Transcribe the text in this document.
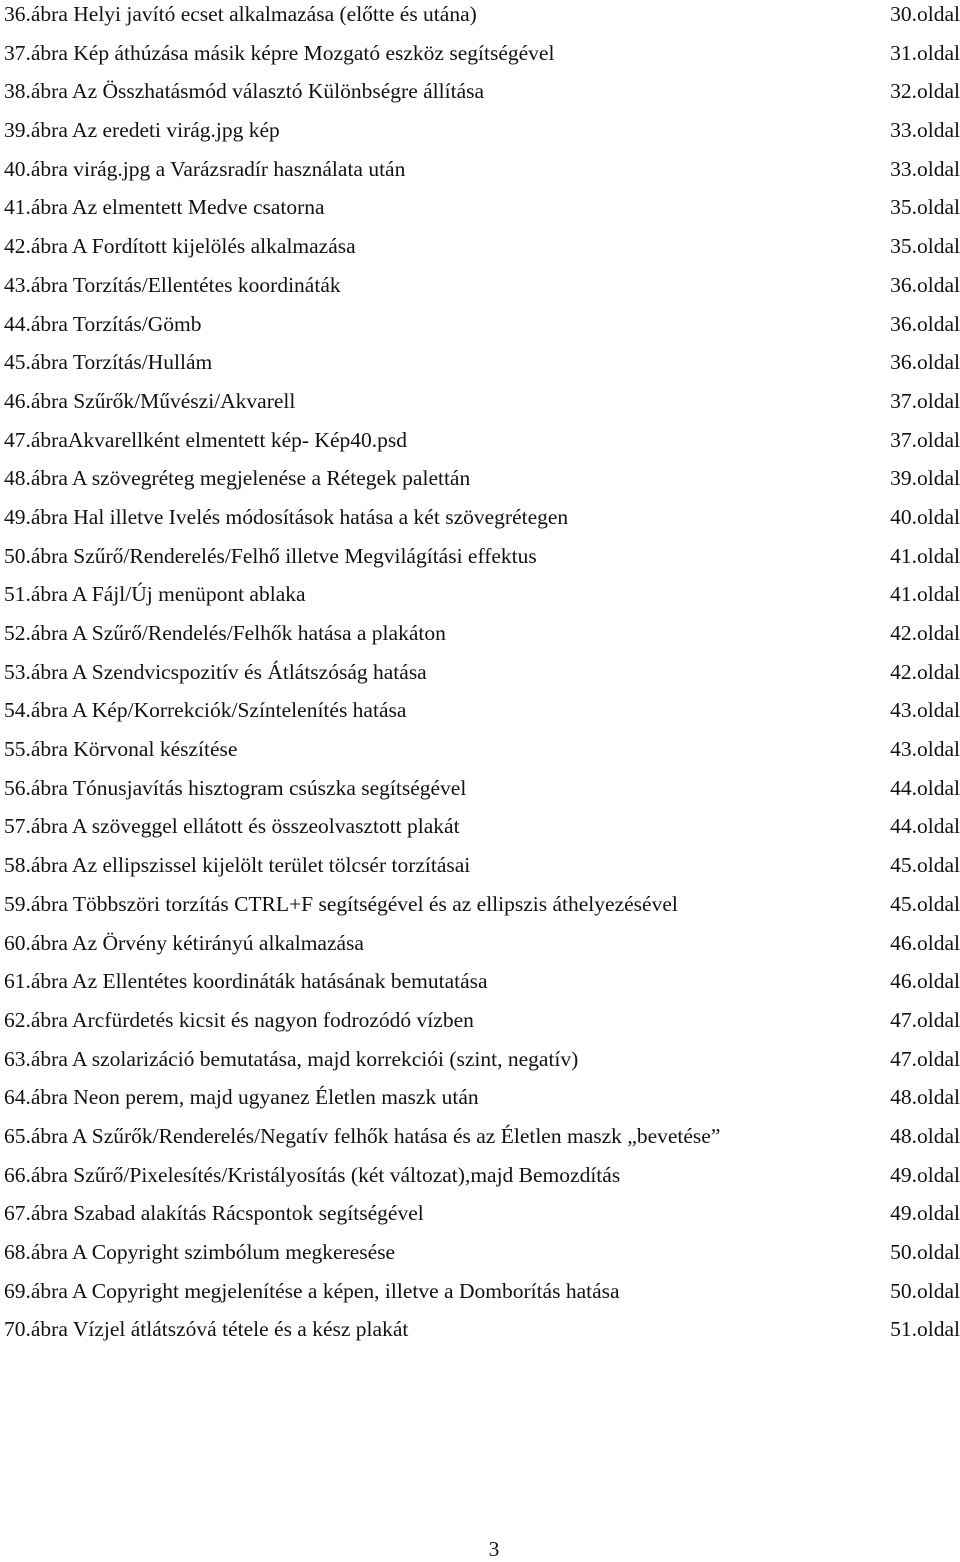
36.ábra Helyi javító ecset alkalmazása (előtte és utána)	30.oldal
37.ábra Kép áthúzása másik képre Mozgató eszköz segítségével	31.oldal
38.ábra Az Összhatásmód választó Különbségre állítása	32.oldal
39.ábra Az eredeti virág.jpg kép	33.oldal
40.ábra virág.jpg a Varázsradír használata után	33.oldal
41.ábra Az elmentett Medve csatorna	35.oldal
42.ábra A Fordított kijelölés alkalmazása	35.oldal
43.ábra Torzítás/Ellentétes koordináták	36.oldal
44.ábra Torzítás/Gömb	36.oldal
45.ábra Torzítás/Hullám	36.oldal
46.ábra Szűrők/Művészi/Akvarell	37.oldal
47.ábraAkvarellként elmentett kép- Kép40.psd	37.oldal
48.ábra A szövegréteg megjelenése a Rétegek palettán	39.oldal
49.ábra Hal illetve Ivelés módosítások hatása a két szövegrétegen	40.oldal
50.ábra Szűrő/Renderelés/Felhő illetve Megvilágítási effektus	41.oldal
51.ábra A Fájl/Új menüpont ablaka	41.oldal
52.ábra A Szűrő/Rendelés/Felhők hatása a plakáton	42.oldal
53.ábra A Szendvicspozitív és Átlátszóság hatása	42.oldal
54.ábra A Kép/Korrekciók/Színtelenítés hatása	43.oldal
55.ábra Körvonal készítése	43.oldal
56.ábra Tónusjavítás hisztogram csúszka segítségével	44.oldal
57.ábra A szöveggel ellátott és összeolvasztott plakát	44.oldal
58.ábra Az ellipszissel kijelölt terület tölcsér torzításai	45.oldal
59.ábra Többszöri torzítás CTRL+F segítségével és az ellipszis áthelyezésével	45.oldal
60.ábra Az Örvény kétirányú alkalmazása	46.oldal
61.ábra Az Ellentétes koordináták hatásának bemutatása	46.oldal
62.ábra Arcfürdetés kicsit és nagyon fodrozódó vízben	47.oldal
63.ábra A szolarizáció bemutatása, majd korrekciói (szint, negatív)	47.oldal
64.ábra Neon perem, majd ugyanez Életlen maszk után	48.oldal
65.ábra A Szűrők/Renderelés/Negatív felhők hatása és az Életlen maszk „bevetése”	48.oldal
66.ábra Szűrő/Pixelesítés/Kristályosítás (két változat),majd Bemozdítás	49.oldal
67.ábra Szabad alakítás Rácspontok segítségével	49.oldal
68.ábra A Copyright szimbólum megkeresése	50.oldal
69.ábra A Copyright megjelenítése a képen, illetve a Domborítás hatása	50.oldal
70.ábra Vízjel átlátszóvá tétele és a kész plakát	51.oldal
3
